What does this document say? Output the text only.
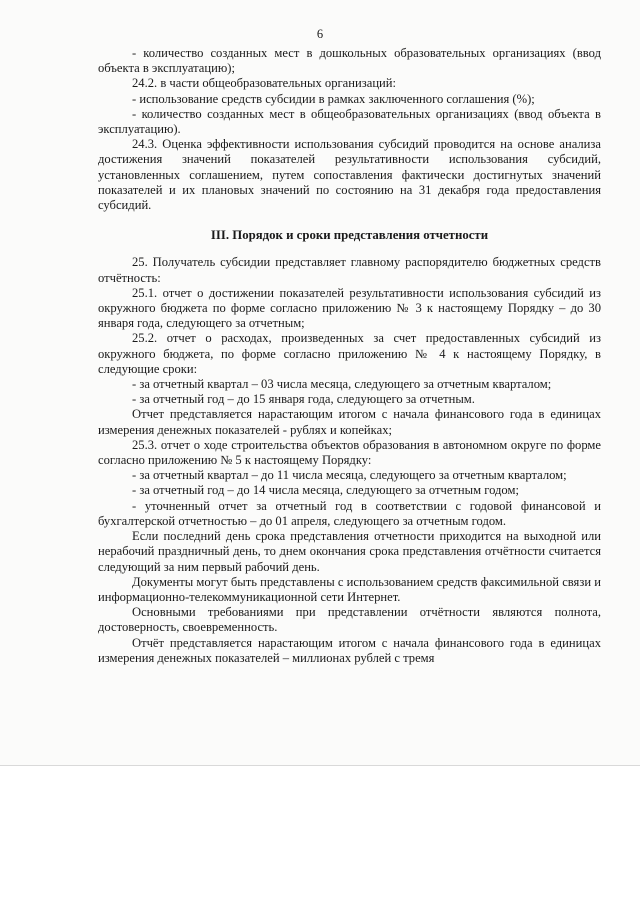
6

- количество созданных мест в дошкольных образовательных организациях (ввод объекта в эксплуатацию);

24.2. в части общеобразовательных организаций:

- использование средств субсидии в рамках заключенного соглашения (%);

- количество созданных мест в общеобразовательных организациях (ввод объекта в эксплуатацию).

24.3. Оценка эффективности использования субсидий проводится на основе анализа достижения значений показателей результативности использования субсидий, установленных соглашением, путем сопоставления фактически достигнутых значений показателей и их плановых значений по состоянию на 31 декабря года предоставления субсидий.

III. Порядок и сроки представления отчетности

25. Получатель субсидии представляет главному распорядителю бюджетных средств отчётность:

25.1. отчет о достижении показателей результативности использования субсидий из окружного бюджета по форме согласно приложению № 3 к настоящему Порядку – до 30 января года, следующего за отчетным;

25.2. отчет о расходах, произведенных за счет предоставленных субсидий из окружного бюджета, по форме согласно приложению № 4 к настоящему Порядку, в следующие сроки:

- за отчетный квартал – 03 числа месяца, следующего за отчетным кварталом;

- за отчетный год – до 15 января года, следующего за отчетным.

Отчет представляется нарастающим итогом с начала финансового года в единицах измерения денежных показателей - рублях и копейках;

25.3. отчет о ходе строительства объектов образования в автономном округе по форме согласно приложению № 5 к настоящему Порядку:

- за отчетный квартал – до 11 числа месяца, следующего за отчетным кварталом;

- за отчетный год – до 14 числа месяца, следующего за отчетным годом;

- уточненный отчет за отчетный год в соответствии с годовой финансовой и бухгалтерской отчетностью – до 01 апреля, следующего за отчетным годом.

Если последний день срока представления отчетности приходится на выходной или нерабочий праздничный день, то днем окончания срока представления отчётности считается следующий за ним первый рабочий день.

Документы могут быть представлены с использованием средств факсимильной связи и информационно-телекоммуникационной сети Интернет.

Основными требованиями при представлении отчётности являются полнота, достоверность, своевременность.

Отчёт представляется нарастающим итогом с начала финансового года в единицах измерения денежных показателей – миллионах рублей с тремя
